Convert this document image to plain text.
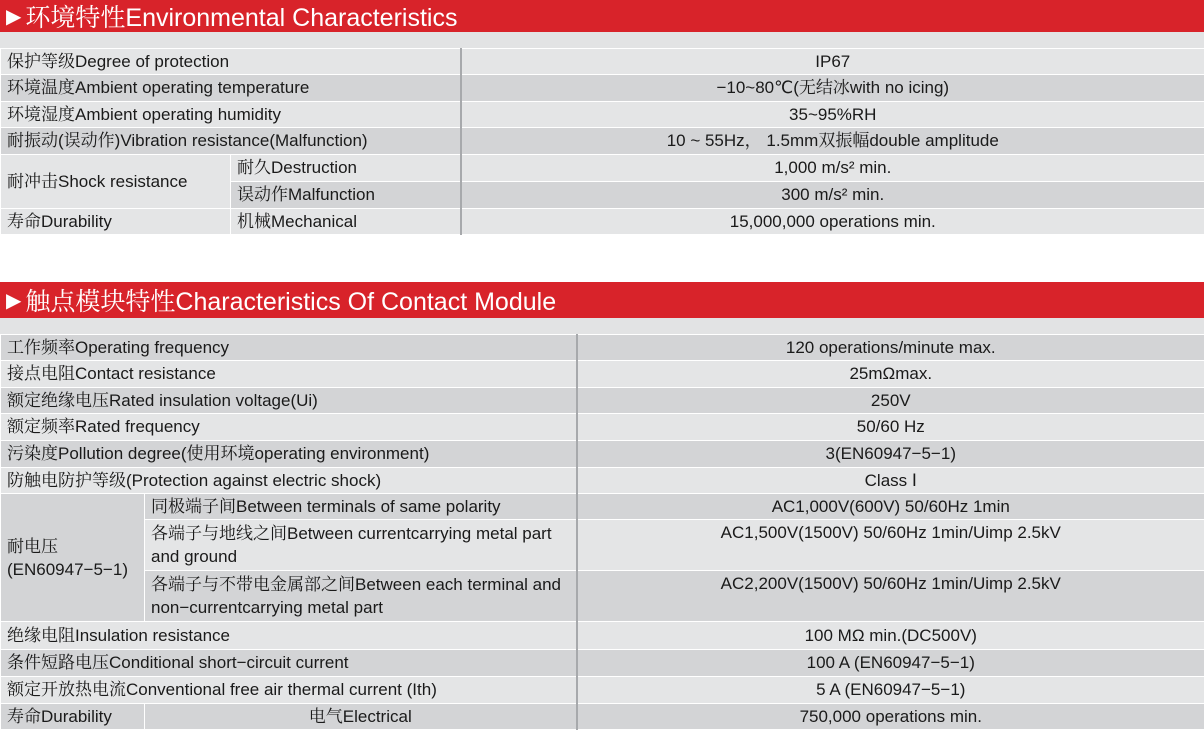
▶ 环境特性Environmental Characteristics
保护等级Degree of protection		IP67
环境温度Ambient operating temperature		−10~80℃(无结冰with no icing)
环境湿度Ambient operating humidity		35~95%RH
耐振动(误动作)Vibration resistance(Malfunction)		10 ~ 55Hz， 1.5mm双振幅double amplitude
耐冲击Shock resistance	耐久Destruction	1,000 m/s² min.
	误动作Malfunction	300 m/s² min.
寿命Durability	机械Mechanical	15,000,000 operations min.
▶ 触点模块特性Characteristics Of Contact Module
工作频率Operating frequency		120 operations/minute max.
接点电阻Contact resistance		25mΩmax.
额定绝缘电压Rated insulation voltage(Ui)		250V
额定频率Rated frequency		50/60 Hz
污染度Pollution degree(使用环境operating environment)		3(EN60947−5−1)
防触电防护等级(Protection against electric shock)		Class Ⅰ
耐电压(EN60947−5−1)	同极端子间Between terminals of same polarity	AC1,000V(600V) 50/60Hz 1min
	各端子与地线之间Between currentcarrying metal part and ground	AC1,500V(1500V) 50/60Hz 1min/Uimp 2.5kV
	各端子与不带电金属部之间Between each terminal and non−currentcarrying metal part	AC2,200V(1500V) 50/60Hz 1min/Uimp 2.5kV
绝缘电阻Insulation resistance		100 MΩ min.(DC500V)
条件短路电压Conditional short−circuit current		100 A (EN60947−5−1)
额定开放热电流Conventional free air thermal current (Ith)		5 A (EN60947−5−1)
寿命Durability	电气Electrical	750,000 operations min.
